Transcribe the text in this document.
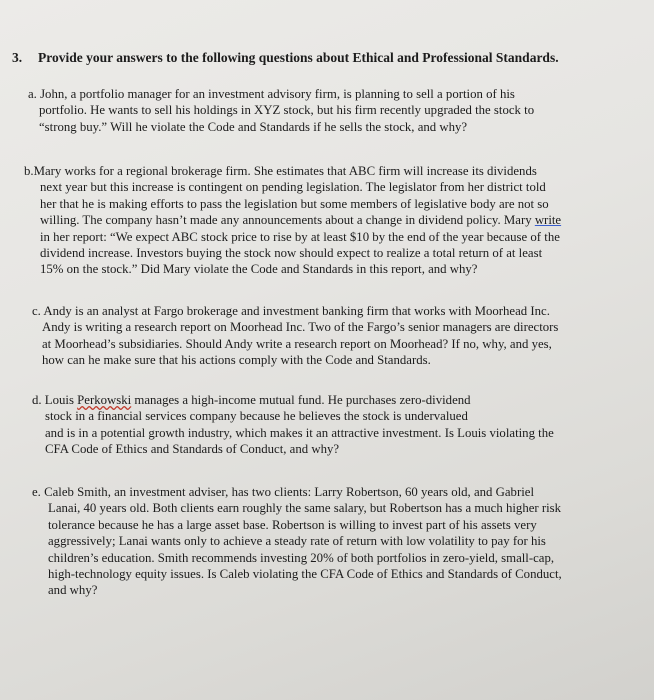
3. Provide your answers to the following questions about Ethical and Professional Standards.
a. John, a portfolio manager for an investment advisory firm, is planning to sell a portion of his
portfolio. He wants to sell his holdings in XYZ stock, but his firm recently upgraded the stock to
“strong buy.” Will he violate the Code and Standards if he sells the stock, and why?
b.Mary works for a regional brokerage firm. She estimates that ABC firm will increase its dividends
next year but this increase is contingent on pending legislation. The legislator from her district told
her that he is making efforts to pass the legislation but some members of legislative body are not so
willing. The company hasn’t made any announcements about a change in dividend policy. Mary write
in her report: “We expect ABC stock price to rise by at least $10 by the end of the year because of the
dividend increase. Investors buying the stock now should expect to realize a total return of at least
15% on the stock.” Did Mary violate the Code and Standards in this report, and why?
c. Andy is an analyst at Fargo brokerage and investment banking firm that works with Moorhead Inc.
Andy is writing a research report on Moorhead Inc. Two of the Fargo’s senior managers are directors
at Moorhead’s subsidiaries. Should Andy write a research report on Moorhead? If no, why, and yes,
how can he make sure that his actions comply with the Code and Standards.
d. Louis Perkowski manages a high-income mutual fund. He purchases zero-dividend
stock in a financial services company because he believes the stock is undervalued
and is in a potential growth industry, which makes it an attractive investment. Is Louis violating the
CFA Code of Ethics and Standards of Conduct, and why?
e. Caleb Smith, an investment adviser, has two clients: Larry Robertson, 60 years old, and Gabriel
Lanai, 40 years old. Both clients earn roughly the same salary, but Robertson has a much higher risk
tolerance because he has a large asset base. Robertson is willing to invest part of his assets very
aggressively; Lanai wants only to achieve a steady rate of return with low volatility to pay for his
children’s education. Smith recommends investing 20% of both portfolios in zero-yield, small-cap,
high-technology equity issues. Is Caleb violating the CFA Code of Ethics and Standards of Conduct,
and why?
